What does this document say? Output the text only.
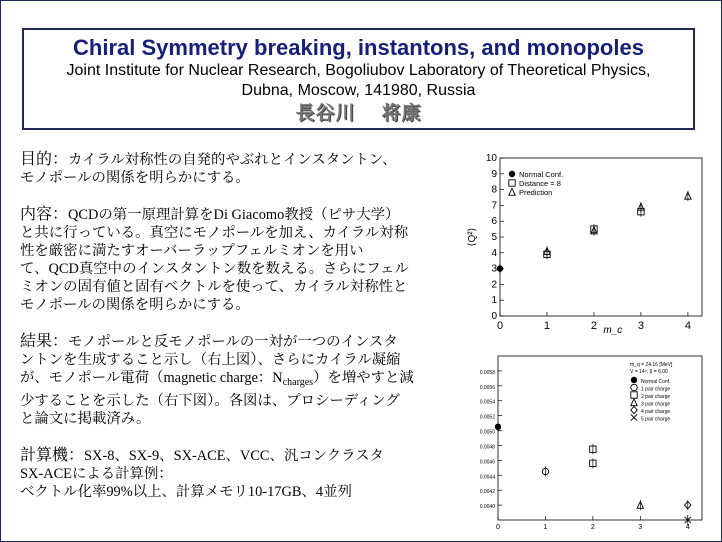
Chiral Symmetry breaking, instantons, and monopoles
Joint Institute for Nuclear Research, Bogoliubov Laboratory of Theoretical Physics,
Dubna, Moscow, 141980, Russia
長谷川 将康
目的：カイラル対称性の自発的やぶれとインスタントン、
モノポールの関係を明らかにする。
内容：QCDの第一原理計算をDi Giacomo教授（ピサ大学）
と共に行っている。真空にモノポールを加え、カイラル対称
性を厳密に満たすオーバーラップフェルミオンを用い
て、QCD真空中のインスタントン数を数える。さらにフェル
ミオンの固有値と固有ベクトルを使って、カイラル対称性と
モノポールの関係を明らかにする。
結果：モノポールと反モノポールの一対が一つのインスタ
ントンを生成すること示し（右上図）、さらにカイラル凝縮
が、モノポール電荷（magnetic charge：$N_{charges}$）を増やすと減
少することを示した（右下図）。各図は、プロシーディング
と論文に掲載済み。
計算機：SX-8、SX-9、SX-ACE、VCC、汎コンクラスタ
SX-ACEによる計算例：
ベクトル化率99%以上、計算メモリ10-17GB、4並列
0	1	2	3	4
0
1
2
3
4
5
6
7
8
9
10
m_c
⟨Q²⟩
Normal Conf.
Distance = 8
Prediction
0	1	2	3	4
0.0040
0.0042
0.0044
0.0046
0.0048
0.0050
0.0052
0.0054
0.0056
0.0058
Normal Conf.
1 pair charge
2 pair charge
3 pair charge
4 pair charge
5 pair charge
m_q = 24.16 [MeV]
V = 14⁴, β = 6.00
